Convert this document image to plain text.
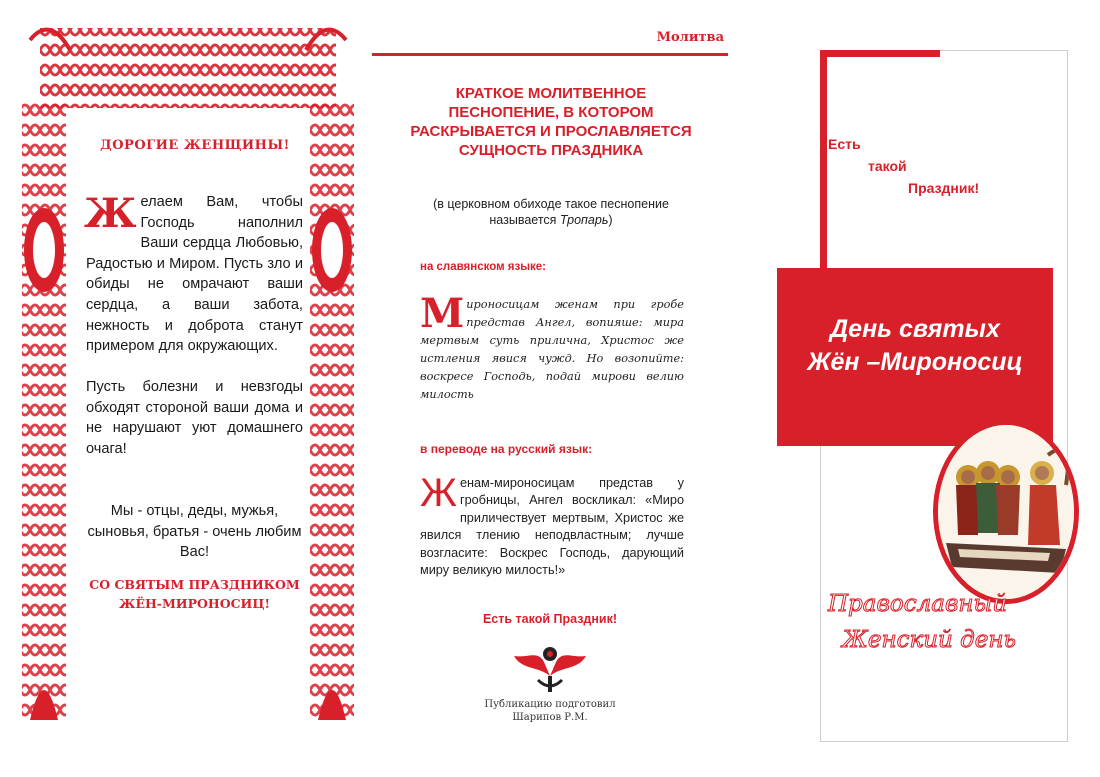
ДОРОГИЕ ЖЕНЩИНЫ!
Желаем Вам, чтобы Господь наполнил Ваши сердца Любовью, Радостью и Миром. Пусть зло и обиды не омрачают ваши сердца, а ваши забота, нежность и доброта станут примером для окружающих.
Пусть болезни и невзгоды обходят стороной ваши дома и не нарушают уют домашнего очага!
Мы - отцы, деды, мужья, сыновья, братья - очень любим Вас!
СО СВЯТЫМ ПРАЗДНИКОМ
ЖЁН-МИРОНОСИЦ!
Молитва
КРАТКОЕ МОЛИТВЕННОЕ ПЕСНОПЕНИЕ, В КОТОРОМ РАСКРЫВАЕТСЯ И ПРОСЛАВЛЯЕТСЯ СУЩНОСТЬ ПРАЗДНИКА
(в церковном обиходе такое песнопение называется Тропарь)
на славянском языке:
Мироносицам женам при гробе представ Ангел, вопияше: мира мертвым суть прилична, Христос же истления явися чужд. Но возопийте: воскресе Господь, подай мирови велию милость
в переводе на русский язык:
Женам-мироносицам представ у гробницы, Ангел воскликал: «Миро приличествует мертвым, Христос же явился тлению неподвластным; лучше возгласите: Воскрес Господь, дарующий миру великую милость!»
Есть такой Праздник!
Публикацию подготовил
Шарипов Р.М.
Есть
такой
Праздник!
День святых
Жён –Мироносиц
Православный
Женский день
